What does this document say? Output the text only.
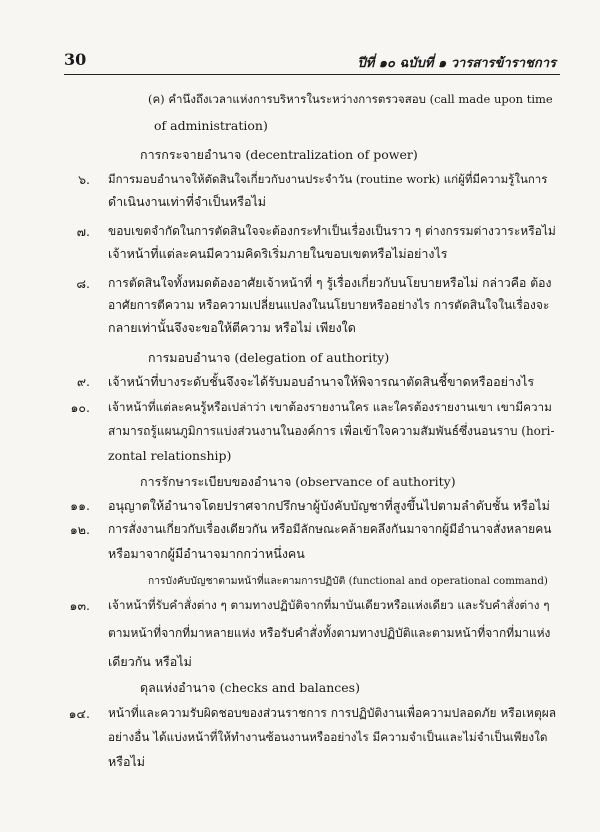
30	ปีที่ ๑๐ ฉบับที่ ๑ วารสารข้าราชการ
(ค) คำนึงถึงเวลาแห่งการบริหารในระหว่างการตรวจสอบ (call made upon time
of administration)
การกระจายอำนาจ (decentralization of power)
๖. มีการมอบอำนาจให้ตัดสินใจเกี่ยวกับงานประจำวัน (routine work) แก่ผู้ที่มีความรู้ในการ
ดำเนินงานเท่าที่จำเป็นหรือไม่
๗. ขอบเขตจำกัดในการตัดสินใจจะต้องกระทำเป็นเรื่องเป็นราว ๆ ต่างกรรมต่างวาระหรือไม่
เจ้าหน้าที่แต่ละคนมีความคิดริเริ่มภายในขอบเขตหรือไม่อย่างไร
๘. การตัดสินใจทั้งหมดต้องอาศัยเจ้าหน้าที่ ๆ รู้เรื่องเกี่ยวกับนโยบายหรือไม่ กล่าวคือ ต้อง
อาศัยการตีความ หรือความเปลี่ยนแปลงในนโยบายหรืออย่างไร การตัดสินใจในเรื่องจะ
กลายเท่านั้นจึงจะขอให้ตีความ หรือไม่ เพียงใด
การมอบอำนาจ (delegation of authority)
๙. เจ้าหน้าที่บางระดับชั้นจึงจะได้รับมอบอำนาจให้พิจารณาตัดสินชี้ขาดหรืออย่างไร
๑๐. เจ้าหน้าที่แต่ละคนรู้หรือเปล่าว่า เขาต้องรายงานใคร และใครต้องรายงานเขา เขามีความ
สามารถรู้แผนภูมิการแบ่งส่วนงานในองค์การ เพื่อเข้าใจความสัมพันธ์ซึ่งนอนราบ (hori-
zontal relationship)
การรักษาระเบียบของอำนาจ (observance of authority)
๑๑. อนุญาตให้อำนาจโดยปราศจากปรึกษาผู้บังคับบัญชาที่สูงขึ้นไปตามลำดับชั้น หรือไม่
๑๒. การสั่งงานเกี่ยวกับเรื่องเดียวกัน หรือมีลักษณะคล้ายคลึงกันมาจากผู้มีอำนาจสั่งหลายคน
หรือมาจากผู้มีอำนาจมากกว่าหนึ่งคน
การบังคับบัญชาตามหน้าที่และตามการปฏิบัติ (functional and operational command)
๑๓. เจ้าหน้าที่รับคำสั่งต่าง ๆ ตามทางปฏิบัติจากที่มาบันเดียวหรือแห่งเดียว และรับคำสั่งต่าง ๆ
ตามหน้าที่จากที่มาหลายแห่ง หรือรับคำสั่งทั้งตามทางปฏิบัติและตามหน้าที่จากที่มาแห่ง
เดียวกัน หรือไม่
ดุลแห่งอำนาจ (checks and balances)
๑๔. หน้าที่และความรับผิดชอบของส่วนราชการ การปฏิบัติงานเพื่อความปลอดภัย หรือเหตุผล
อย่างอื่น ได้แบ่งหน้าที่ให้ทำงานซ้อนงานหรืออย่างไร มีความจำเป็นและไม่จำเป็นเพียงใด
หรือไม่
